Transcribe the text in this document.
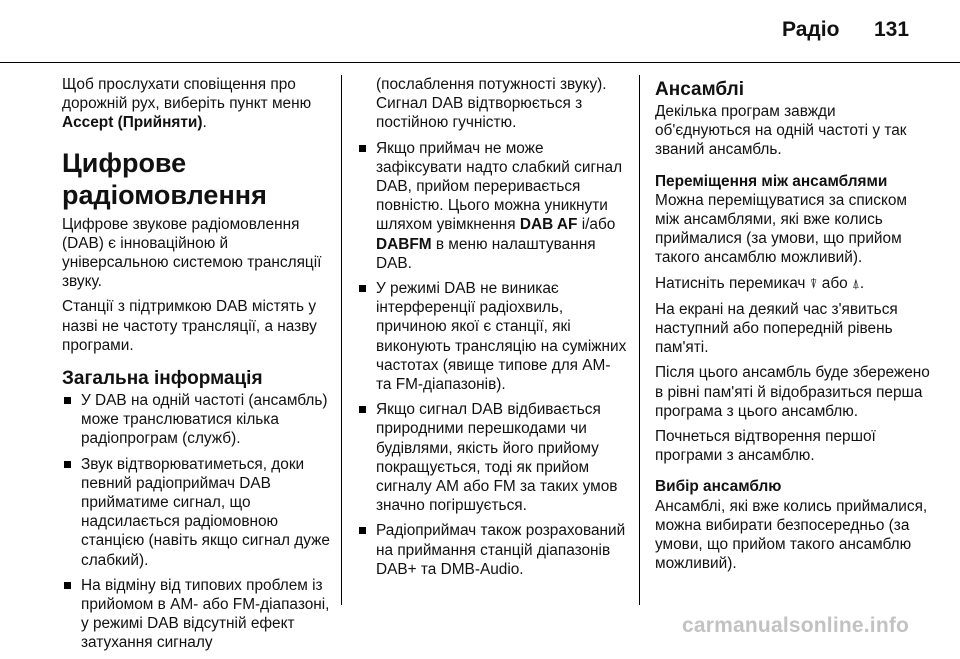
Радіо 131

Щоб прослухати сповіщення про дорожній рух, виберіть пункт меню Accept (Прийняти).

Цифрове радіомовлення

Цифрове звукове радіомовлення (DAB) є інноваційною й універсальною системою трансляції звуку.

Станції з підтримкою DAB містять у назві не частоту трансляції, а назву програми.

Загальна інформація
У DAB на одній частоті (ансамбль) може транслюватися кілька радіопрограм (служб).
Звук відтворюватиметься, доки певний радіоприймач DAB прийматиме сигнал, що надсилається радіомовною станцією (навіть якщо сигнал дуже слабкий).
На відміну від типових проблем із прийомом в АМ- або FM-діапазоні, у режимі DAB відсутній ефект затухання сигналу

(послаблення потужності звуку). Сигнал DAB відтворюється з постійною гучністю.

Якщо приймач не може зафіксувати надто слабкий сигнал DAB, прийом переривається повністю. Цього можна уникнути шляхом увімкнення DAB AF і/або DABFM в меню налаштування DAB.
У режимі DAB не виникає інтерференції радіохвиль, причиною якої є станції, які виконують трансляцію на суміжних частотах (явище типове для АМ- та FM-діапазонів).
Якщо сигнал DAB відбивається природними перешкодами чи будівлями, якість його прийому покращується, тоді як прийом сигналу АМ або FM за таких умов значно погіршується.
Радіоприймач також розрахований на приймання станцій діапазонів DAB+ та DMB-Audio.
Ансамблі

Декілька програм завжди об'єднуються на одній частоті у так званий ансамбль.

Переміщення між ансамблями

Можна переміщуватися за списком між ансамблями, які вже колись приймалися (за умови, що прийом такого ансамблю можливий).

Натисніть перемикач ⍒ або ⍋.

На екрані на деякий час з'явиться наступний або попередній рівень пам'яті.

Після цього ансамбль буде збережено в рівні пам'яті й відобразиться перша програма з цього ансамблю.

Почнеться відтворення першої програми з ансамблю.

Вибір ансамблю

Ансамблі, які вже колись приймалися, можна вибирати безпосередньо (за умови, що прийом такого ансамблю можливий).

carmanualsonline.info
